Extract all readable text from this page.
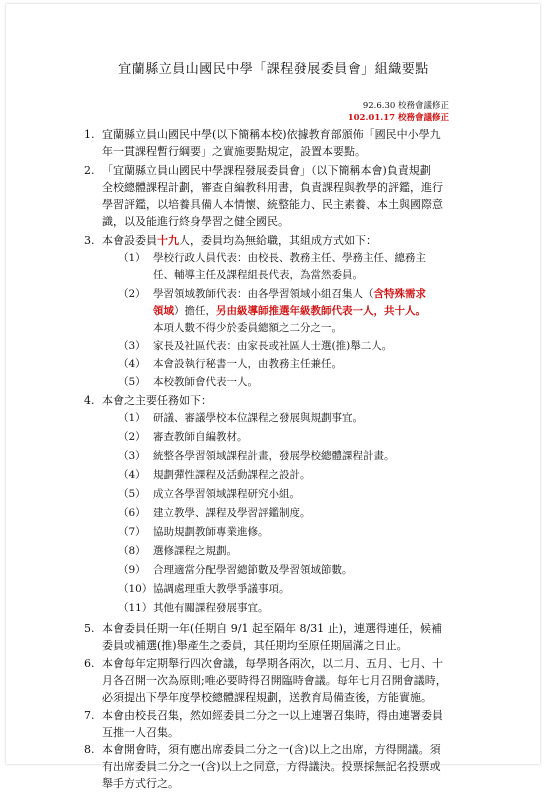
宜蘭縣立員山國民中學「課程發展委員會」組織要點
92.6.30 校務會議修正
102.01.17 校務會議修正
1. 宜蘭縣立員山國民中學(以下簡稱本校)依據教育部頒佈「國民中小學九
年一貫課程暫行綱要」之實施要點規定，設置本要點。
2. 「宜蘭縣立員山國民中學課程發展委員會」（以下簡稱本會)負責規劃
全校總體課程計劃，審查自編教科用書，負責課程與教學的評鑑，進行
學習評鑑，以培養具備人本情懷、統整能力、民主素養、本土與國際意
識，以及能進行終身學習之健全國民。
3. 本會設委員十九人，委員均為無給職，其組成方式如下：
（1） 學校行政人員代表：由校長、教務主任、學務主任、總務主
任、輔導主任及課程組長代表，為當然委員。
（2） 學習領域教師代表：由各學習領域小組召集人（含特殊需求
領域）擔任，另由級導師推選年級教師代表一人，共十人。
本項人數不得少於委員總額之二分之一。
（3） 家長及社區代表：由家長或社區人士選(推)舉二人。
（4） 本會設執行秘書一人，由教務主任兼任。
（5） 本校教師會代表一人。
4. 本會之主要任務如下：
（1） 研議、審議學校本位課程之發展與規劃事宜。
（2） 審查教師自編教材。
（3） 統整各學習領域課程計畫，發展學校總體課程計畫。
（4） 規劃彈性課程及活動課程之設計。
（5） 成立各學習領域課程研究小組。
（6） 建立教學、課程及學習評鑑制度。
（7） 協助規劃教師專業進修。
（8） 選修課程之規劃。
（9） 合理適當分配學習總節數及學習領域節數。
（10） 協調處理重大教學爭議事項。
（11） 其他有關課程發展事宜。
5. 本會委員任期一年(任期自 9/1 起至隔年 8/31 止)，連選得連任，候補
委員或補選(推)舉產生之委員，其任期均至原任期屆滿之日止。
6. 本會每年定期舉行四次會議，每學期各兩次，以二月、五月、七月、十
月各召開一次為原則;唯必要時得召開臨時會議。每年七月召開會議時，
必須提出下學年度學校總體課程規劃，送教育局備查後，方能實施。
7. 本會由校長召集，然如經委員二分之一以上連署召集時，得由連署委員
互推一人召集。
8. 本會開會時，須有應出席委員二分之一(含)以上之出席，方得開議。須
有出席委員二分之一(含)以上之同意，方得議決。投票採無記名投票或
舉手方式行之。
